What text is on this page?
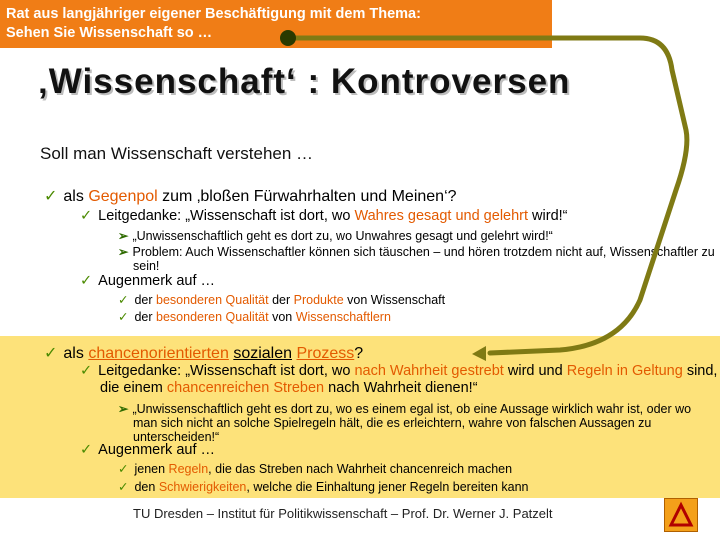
Rat aus langjähriger eigener Beschäftigung mit dem Thema:
Sehen Sie Wissenschaft so …
‚Wissenschaft‘ : Kontroversen
Soll man Wissenschaft verstehen …
✓ als Gegenpol zum ‚bloßen Fürwahrhalten und Meinen‘?
✓ Leitgedanke: „Wissenschaft ist dort, wo Wahres gesagt und gelehrt wird!“
➢ „Unwissenschaftlich geht es dort zu, wo Unwahres gesagt und gelehrt wird!“
➢ Problem: Auch Wissenschaftler können sich täuschen – und hören trotzdem nicht auf, Wissenschaftler zu sein!
✓ Augenmerk auf …
✓ der besonderen Qualität der Produkte von Wissenschaft
✓ der besonderen Qualität von Wissenschaftlern
✓ als chancenorientierten sozialen Prozess?
✓ Leitgedanke: „Wissenschaft ist dort, wo nach Wahrheit gestrebt wird und Regeln in Geltung sind, die einem chancenreichen Streben nach Wahrheit dienen!“
➢ „Unwissenschaftlich geht es dort zu, wo es einem egal ist, ob eine Aussage wirklich wahr ist, oder wo man sich nicht an solche Spielregeln hält, die es erleichtern, wahre von falschen Aussagen zu unterscheiden!“
✓ Augenmerk auf …
✓ jenen Regeln, die das Streben nach Wahrheit chancenreich machen
✓ den Schwierigkeiten, welche die Einhaltung jener Regeln bereiten kann
TU Dresden – Institut für Politikwissenschaft – Prof. Dr. Werner J. Patzelt
